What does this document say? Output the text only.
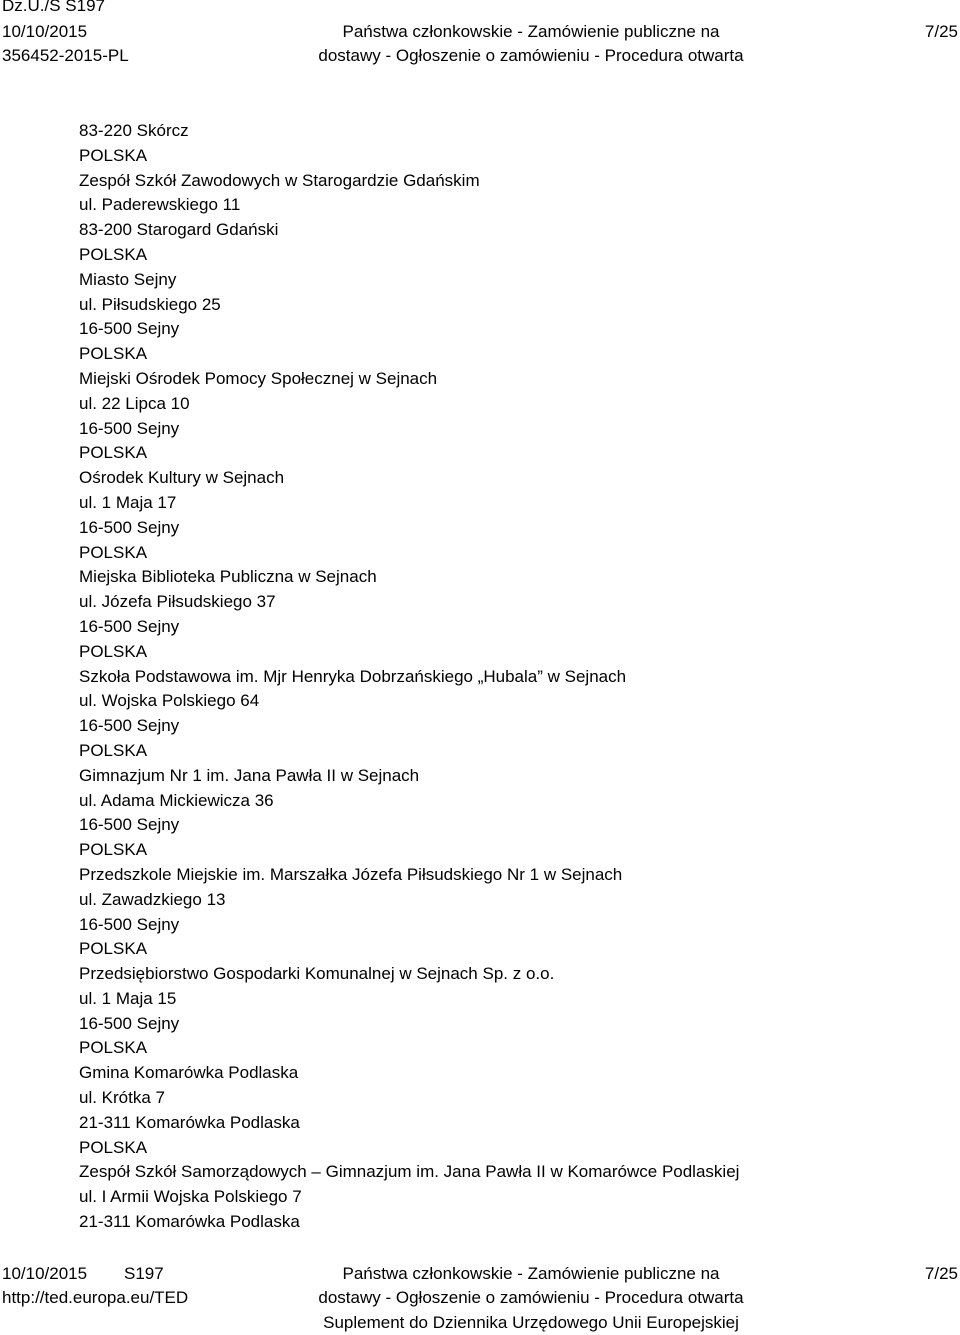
Dz.U./S S197
10/10/2015
356452-2015-PL
Państwa członkowskie - Zamówienie publiczne na
dostawy - Ogłoszenie o zamówieniu - Procedura otwarta
7/25
83-220 Skórcz
POLSKA
Zespół Szkół Zawodowych w Starogardzie Gdańskim
ul. Paderewskiego 11
83-200 Starogard Gdański
POLSKA
Miasto Sejny
ul. Piłsudskiego 25
16-500 Sejny
POLSKA
Miejski Ośrodek Pomocy Społecznej w Sejnach
ul. 22 Lipca 10
16-500 Sejny
POLSKA
Ośrodek Kultury w Sejnach
ul. 1 Maja 17
16-500 Sejny
POLSKA
Miejska Biblioteka Publiczna w Sejnach
ul. Józefa Piłsudskiego 37
16-500 Sejny
POLSKA
Szkoła Podstawowa im. Mjr Henryka Dobrzańskiego „Hubala” w Sejnach
ul. Wojska Polskiego 64
16-500 Sejny
POLSKA
Gimnazjum Nr 1 im. Jana Pawła II w Sejnach
ul. Adama Mickiewicza 36
16-500 Sejny
POLSKA
Przedszkole Miejskie im. Marszałka Józefa Piłsudskiego Nr 1 w Sejnach
ul. Zawadzkiego 13
16-500 Sejny
POLSKA
Przedsiębiorstwo Gospodarki Komunalnej w Sejnach Sp. z o.o.
ul. 1 Maja 15
16-500 Sejny
POLSKA
Gmina Komarówka Podlaska
ul. Krótka 7
21-311 Komarówka Podlaska
POLSKA
Zespół Szkół Samorządowych – Gimnazjum im. Jana Pawła II w Komarówce Podlaskiej
ul. I Armii Wojska Polskiego 7
21-311 Komarówka Podlaska
10/10/2015 S197
http://ted.europa.eu/TED
Państwa członkowskie - Zamówienie publiczne na
dostawy - Ogłoszenie o zamówieniu - Procedura otwarta
Suplement do Dziennika Urzędowego Unii Europejskiej
7/25
